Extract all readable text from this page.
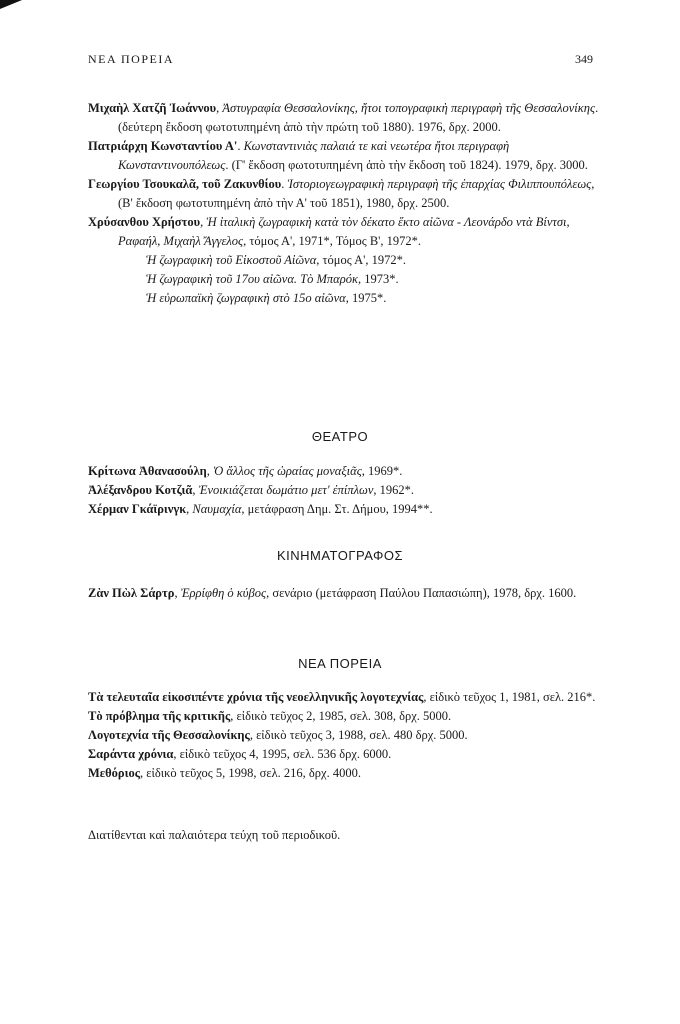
ΝΕΑ ΠΟΡΕΙΑ	349

Μιχαὴλ Χατζῆ Ἰωάννου, Ἀστυγραφία Θεσσαλονίκης, ἤτοι τοπογραφικὴ περιγραφὴ τῆς Θεσσαλονίκης. (δεύτερη ἔκδοση φωτοτυπημένη ἀπὸ τὴν πρώτη τοῦ 1880). 1976, δρχ. 2000.

Πατριάρχη Κωνσταντίου Α'. Κωνσταντινιὰς παλαιά τε καὶ νεωτέρα ἤτοι περιγραφὴ Κωνσταντινουπόλεως. (Γ' ἔκδοση φωτοτυπημένη ἀπὸ τὴν ἔκδοση τοῦ 1824). 1979, δρχ. 3000.

Γεωργίου Τσουκαλᾶ, τοῦ Ζακυνθίου. Ἱστοριογεωγραφικὴ περιγραφὴ τῆς ἐπαρχίας Φιλιππουπόλεως, (Β' ἔκδοση φωτοτυπημένη ἀπὸ τὴν Α' τοῦ 1851), 1980, δρχ. 2500.

Χρύσανθου Χρήστου, Ἡ ἰταλικὴ ζωγραφικὴ κατὰ τὸν δέκατο ἕκτο αἰῶνα - Λεονάρδο ντὰ Βίντσι, Ραφαήλ, Μιχαὴλ Ἄγγελος, τόμος Α', 1971*, Τόμος Β', 1972*.

Ἡ ζωγραφικὴ τοῦ Εἰκοστοῦ Αἰῶνα, τόμος Α', 1972*.

Ἡ ζωγραφικὴ τοῦ 17ου αἰῶνα. Τὸ Μπαρόκ, 1973*.

Ἡ εὐρωπαϊκὴ ζωγραφικὴ στὸ 15ο αἰῶνα, 1975*.

ΘΕΑΤΡΟ

Κρίτωνα Ἀθανασούλη, Ὁ ἄλλος τῆς ὡραίας μοναξιᾶς, 1969*.

Ἀλέξανδρου Κοτζιᾶ, Ἐνοικιάζεται δωμάτιο μετ' ἐπίπλων, 1962*.

Χέρμαν Γκάϊρινγκ, Ναυμαχία, μετάφραση Δημ. Στ. Δήμου, 1994**.

ΚΙΝΗΜΑΤΟΓΡΑΦΟΣ

Ζὰν Πὼλ Σάρτρ, Ἐρρίφθη ὁ κύβος, σενάριο (μετάφραση Παύλου Παπασιώπη), 1978, δρχ. 1600.

ΝΕΑ ΠΟΡΕΙΑ

Τὰ τελευταῖα εἰκοσιπέντε χρόνια τῆς νεοελληνικῆς λογοτεχνίας, εἰδικὸ τεῦχος 1, 1981, σελ. 216*.

Τὸ πρόβλημα τῆς κριτικῆς, εἰδικὸ τεῦχος 2, 1985, σελ. 308, δρχ. 5000.

Λογοτεχνία τῆς Θεσσαλονίκης, εἰδικὸ τεῦχος 3, 1988, σελ. 480 δρχ. 5000.

Σαράντα χρόνια, εἰδικὸ τεῦχος 4, 1995, σελ. 536 δρχ. 6000.

Μεθόριος, εἰδικὸ τεῦχος 5, 1998, σελ. 216, δρχ. 4000.

Διατίθενται καὶ παλαιότερα τεύχη τοῦ περιοδικοῦ.
